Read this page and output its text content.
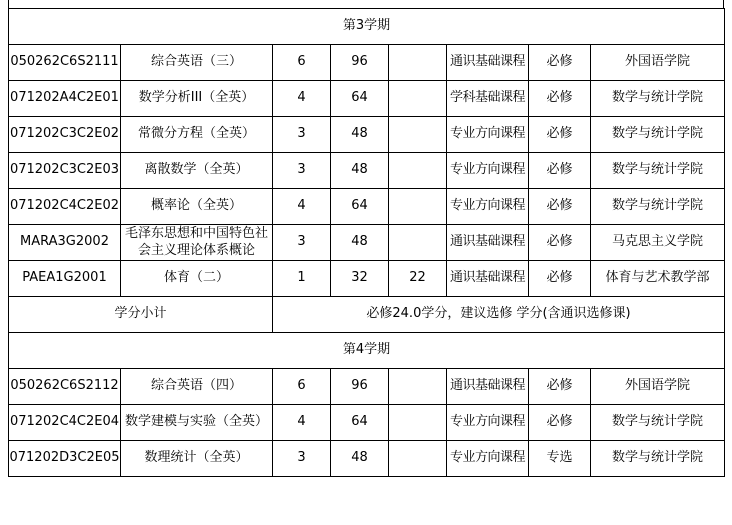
第3学期							
050262C6S2111	综合英语（三）	6	96		通识基础课程	必修	外国语学院
071202A4C2E01	数学分析III（全英）	4	64		学科基础课程	必修	数学与统计学院
071202C3C2E02	常微分方程（全英）	3	48		专业方向课程	必修	数学与统计学院
071202C3C2E03	离散数学（全英）	3	48		专业方向课程	必修	数学与统计学院
071202C4C2E02	概率论（全英）	4	64		专业方向课程	必修	数学与统计学院
MARA3G2002	毛泽东思想和中国特色社会主义理论体系概论	3	48		通识基础课程	必修	马克思主义学院
PAEA1G2001	体育（二）	1	32	22	通识基础课程	必修	体育与艺术教学部
学分小计		必修24.0学分，建议选修 学分(含通识选修课)					
第4学期							
050262C6S2112	综合英语（四）	6	96		通识基础课程	必修	外国语学院
071202C4C2E04	数学建模与实验（全英）	4	64		专业方向课程	必修	数学与统计学院
071202D3C2E05	数理统计（全英）	3	48		专业方向课程	专选	数学与统计学院
